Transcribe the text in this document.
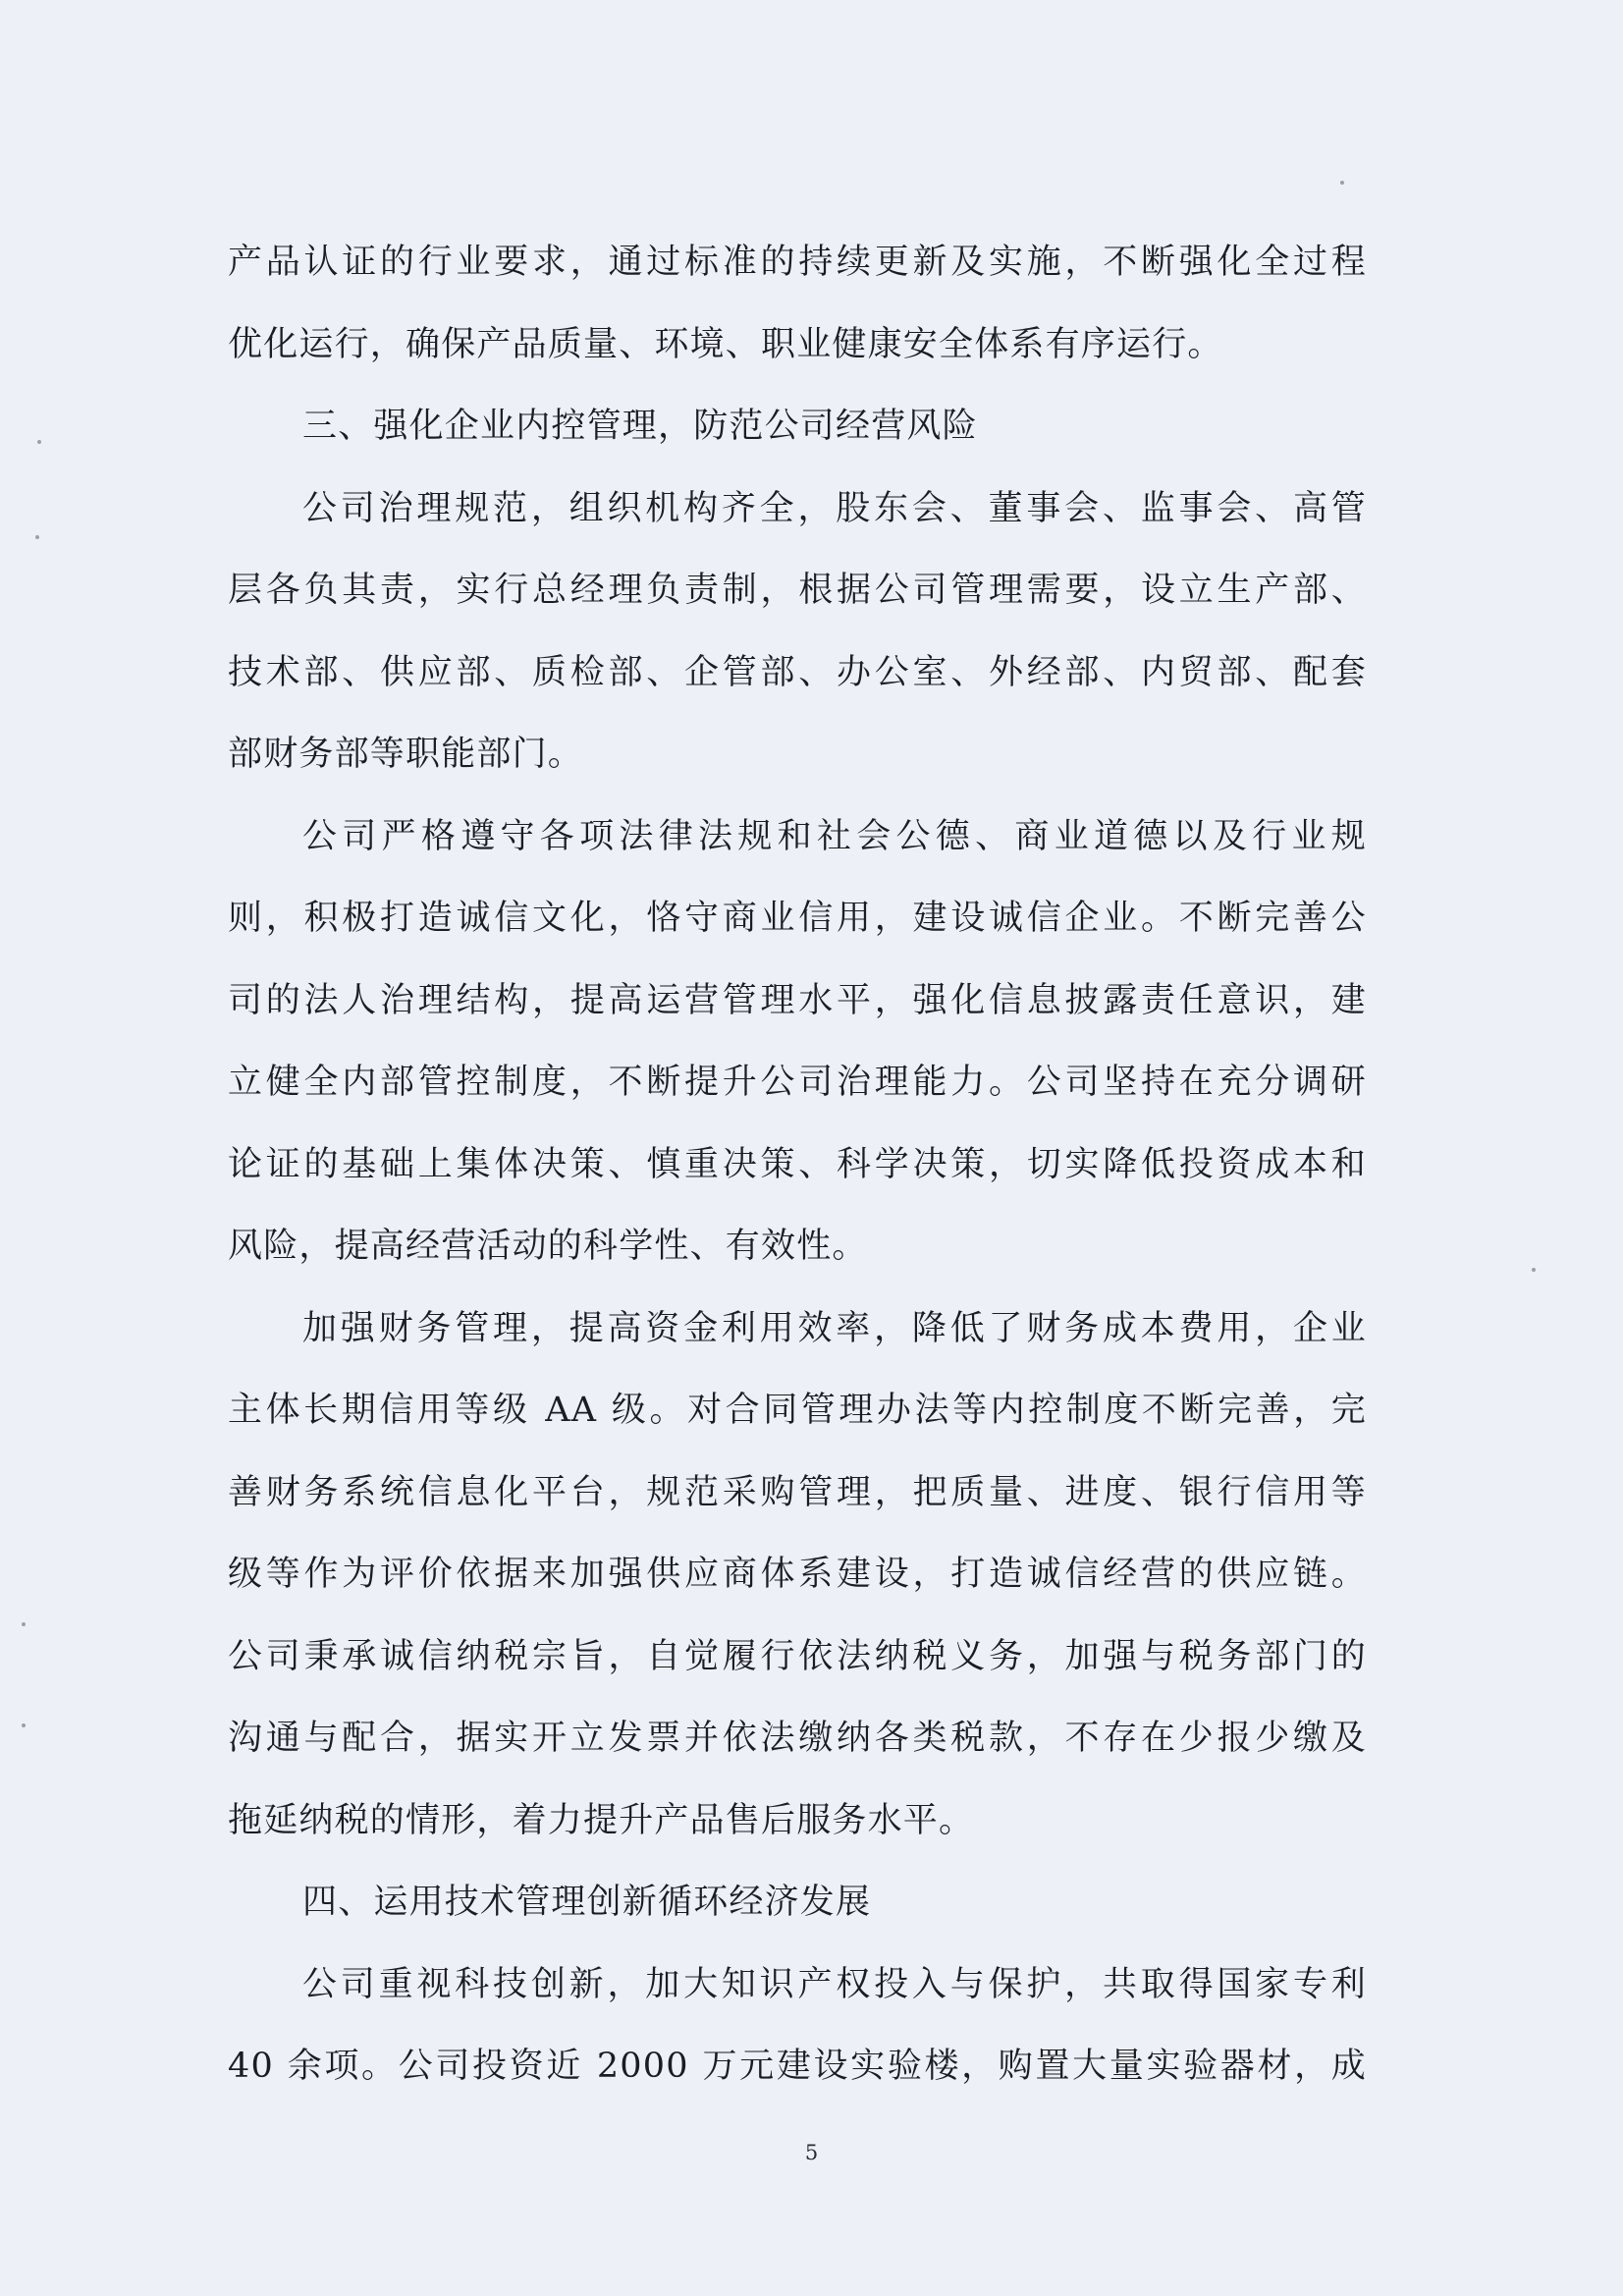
产品认证的行业要求，通过标准的持续更新及实施，不断强化全过程
优化运行，确保产品质量、环境、职业健康安全体系有序运行。
三、强化企业内控管理，防范公司经营风险
公司治理规范，组织机构齐全，股东会、董事会、监事会、高管
层各负其责，实行总经理负责制，根据公司管理需要，设立生产部、
技术部、供应部、质检部、企管部、办公室、外经部、内贸部、配套
部财务部等职能部门。
公司严格遵守各项法律法规和社会公德、商业道德以及行业规
则，积极打造诚信文化，恪守商业信用，建设诚信企业。不断完善公
司的法人治理结构，提高运营管理水平，强化信息披露责任意识，建
立健全内部管控制度，不断提升公司治理能力。公司坚持在充分调研
论证的基础上集体决策、慎重决策、科学决策，切实降低投资成本和
风险，提高经营活动的科学性、有效性。
加强财务管理，提高资金利用效率，降低了财务成本费用，企业
主体长期信用等级 AA 级。对合同管理办法等内控制度不断完善，完
善财务系统信息化平台，规范采购管理，把质量、进度、银行信用等
级等作为评价依据来加强供应商体系建设，打造诚信经营的供应链。
公司秉承诚信纳税宗旨，自觉履行依法纳税义务，加强与税务部门的
沟通与配合，据实开立发票并依法缴纳各类税款，不存在少报少缴及
拖延纳税的情形，着力提升产品售后服务水平。
四、运用技术管理创新循环经济发展
公司重视科技创新，加大知识产权投入与保护，共取得国家专利
40 余项。公司投资近 2000 万元建设实验楼，购置大量实验器材，成
5
